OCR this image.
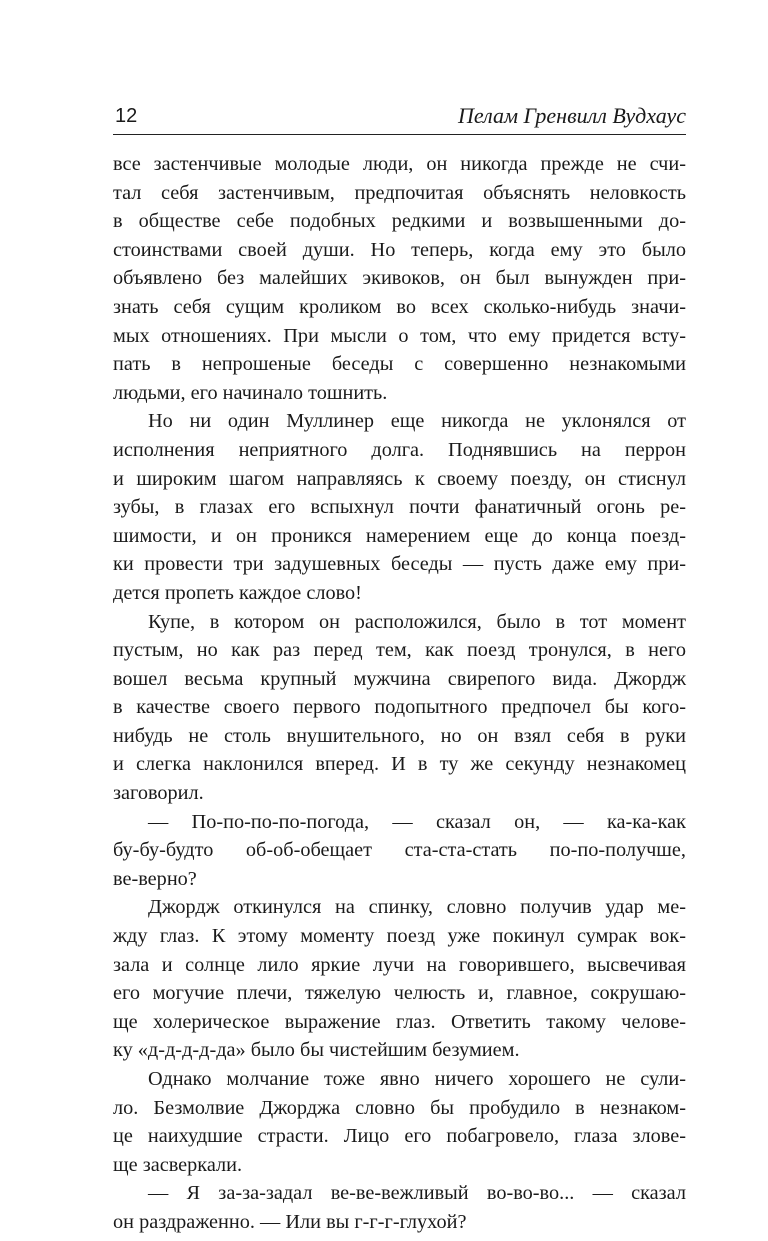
12	Пелам Гренвилл Вудхаус
все застенчивые молодые люди, он никогда прежде не счи-
тал себя застенчивым, предпочитая объяснять неловкость
в обществе себе подобных редкими и возвышенными до-
стоинствами своей души. Но теперь, когда ему это было
объявлено без малейших экивоков, он был вынужден при-
знать себя сущим кроликом во всех сколько-нибудь значи-
мых отношениях. При мысли о том, что ему придется всту-
пать в непрошеные беседы с совершенно незнакомыми
людьми, его начинало тошнить.
Но ни один Муллинер еще никогда не уклонялся от
исполнения неприятного долга. Поднявшись на перрон
и широким шагом направляясь к своему поезду, он стиснул
зубы, в глазах его вспыхнул почти фанатичный огонь ре-
шимости, и он проникся намерением еще до конца поезд-
ки провести три задушевных беседы — пусть даже ему при-
дется пропеть каждое слово!
Купе, в котором он расположился, было в тот момент
пустым, но как раз перед тем, как поезд тронулся, в него
вошел весьма крупный мужчина свирепого вида. Джордж
в качестве своего первого подопытного предпочел бы кого-
нибудь не столь внушительного, но он взял себя в руки
и слегка наклонился вперед. И в ту же секунду незнакомец
заговорил.
— По-по-по-по-погода, — сказал он, — ка-ка-как
бу-бу-будто об-об-обещает ста-ста-стать по-по-получше,
ве-верно?
Джордж откинулся на спинку, словно получив удар ме-
жду глаз. К этому моменту поезд уже покинул сумрак вок-
зала и солнце лило яркие лучи на говорившего, высвечивая
его могучие плечи, тяжелую челюсть и, главное, сокрушаю-
ще холерическое выражение глаз. Ответить такому челове-
ку «д-д-д-д-да» было бы чистейшим безумием.
Однако молчание тоже явно ничего хорошего не сули-
ло. Безмолвие Джорджа словно бы пробудило в незнаком-
це наихудшие страсти. Лицо его побагровело, глаза злове-
ще засверкали.
— Я за-за-задал ве-ве-вежливый во-во-во... — сказал
он раздраженно. — Или вы г-г-г-глухой?
